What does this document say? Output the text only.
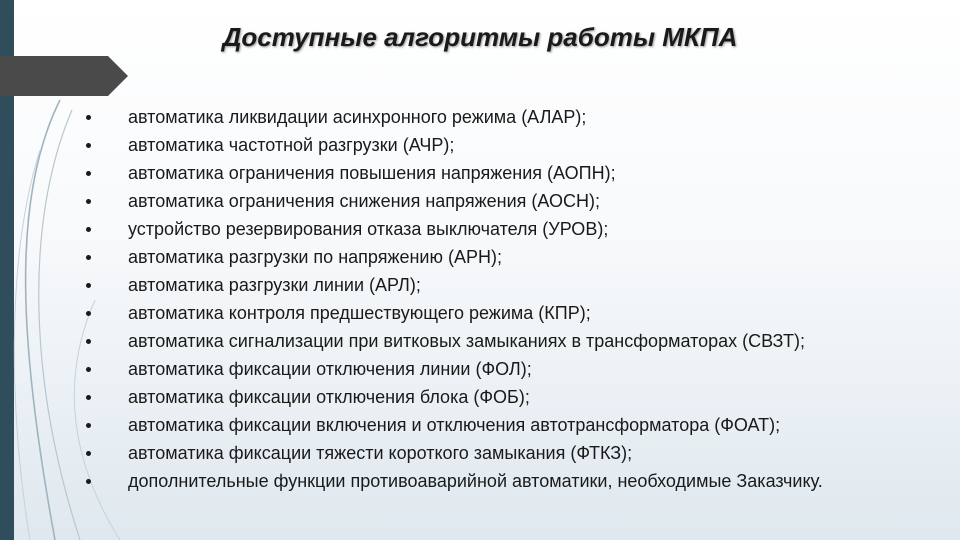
Доступные алгоритмы работы МКПА
автоматика ликвидации асинхронного режима (АЛАР);
автоматика частотной разгрузки (АЧР);
автоматика ограничения повышения напряжения (АОПН);
автоматика ограничения снижения напряжения (АОСН);
устройство резервирования отказа выключателя (УРОВ);
автоматика разгрузки по напряжению (АРН);
автоматика разгрузки линии (АРЛ);
автоматика контроля предшествующего режима (КПР);
автоматика сигнализации при витковых замыканиях в трансформаторах (СВЗТ);
автоматика фиксации отключения линии (ФОЛ);
автоматика фиксации отключения блока (ФОБ);
автоматика фиксации включения и отключения автотрансформатора (ФОАТ);
автоматика фиксации тяжести короткого замыкания (ФТКЗ);
дополнительные функции противоаварийной автоматики, необходимые Заказчику.
